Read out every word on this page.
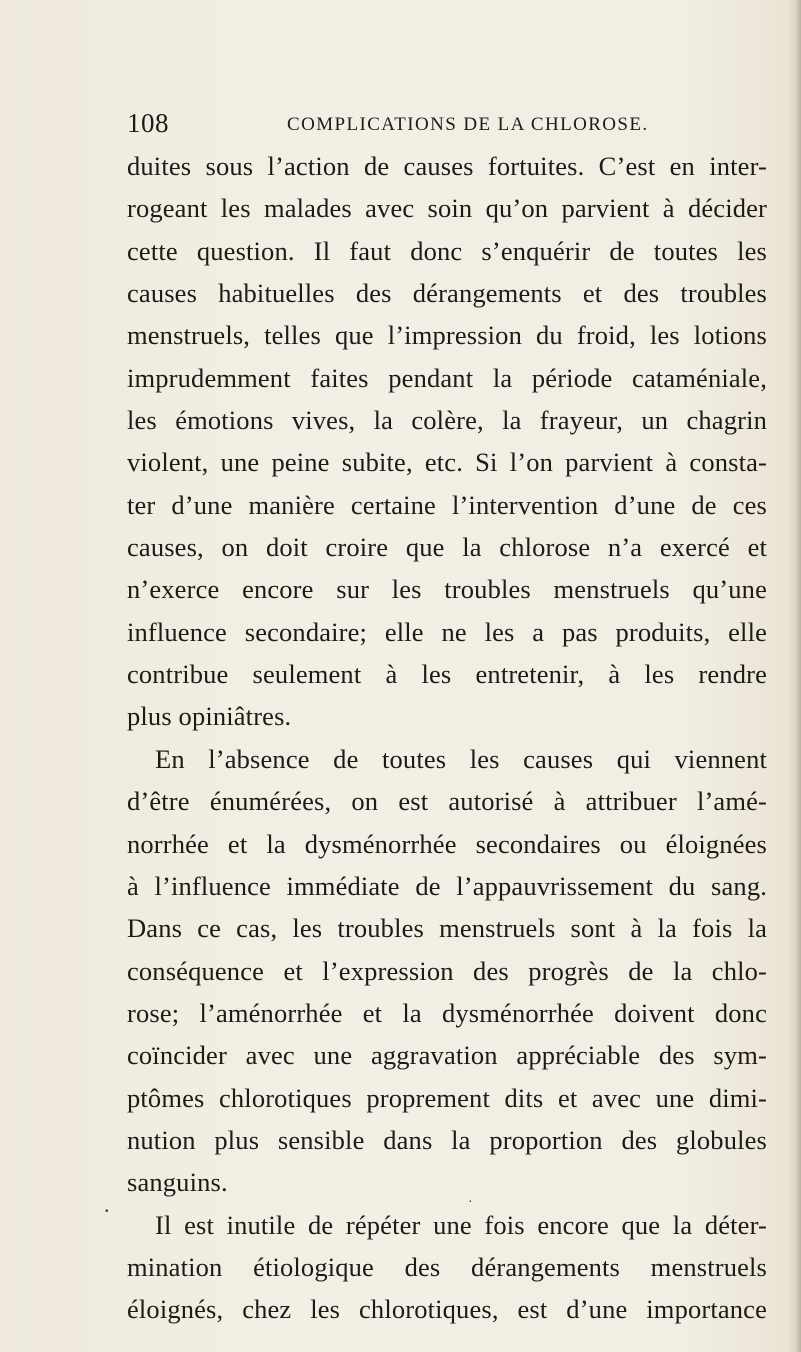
108	COMPLICATIONS DE LA CHLOROSE.
duites sous l’action de causes fortuites. C’est en inter-
rogeant les malades avec soin qu’on parvient à décider
cette question. Il faut donc s’enquérir de toutes les
causes habituelles des dérangements et des troubles
menstruels, telles que l’impression du froid, les lotions
imprudemment faites pendant la période cataméniale,
les émotions vives, la colère, la frayeur, un chagrin
violent, une peine subite, etc. Si l’on parvient à consta-
ter d’une manière certaine l’intervention d’une de ces
causes, on doit croire que la chlorose n’a exercé et
n’exerce encore sur les troubles menstruels qu’une
influence secondaire; elle ne les a pas produits, elle
contribue seulement à les entretenir, à les rendre
plus opiniâtres.
En l’absence de toutes les causes qui viennent
d’être énumérées, on est autorisé à attribuer l’amé-
norrhée et la dysménorrhée secondaires ou éloignées
à l’influence immédiate de l’appauvrissement du sang.
Dans ce cas, les troubles menstruels sont à la fois la
conséquence et l’expression des progrès de la chlo-
rose; l’aménorrhée et la dysménorrhée doivent donc
coïncider avec une aggravation appréciable des sym-
ptômes chlorotiques proprement dits et avec une dimi-
nution plus sensible dans la proportion des globules
sanguins.
Il est inutile de répéter une fois encore que la déter-
mination étiologique des dérangements menstruels
éloignés, chez les chlorotiques, est d’une importance
.	·
